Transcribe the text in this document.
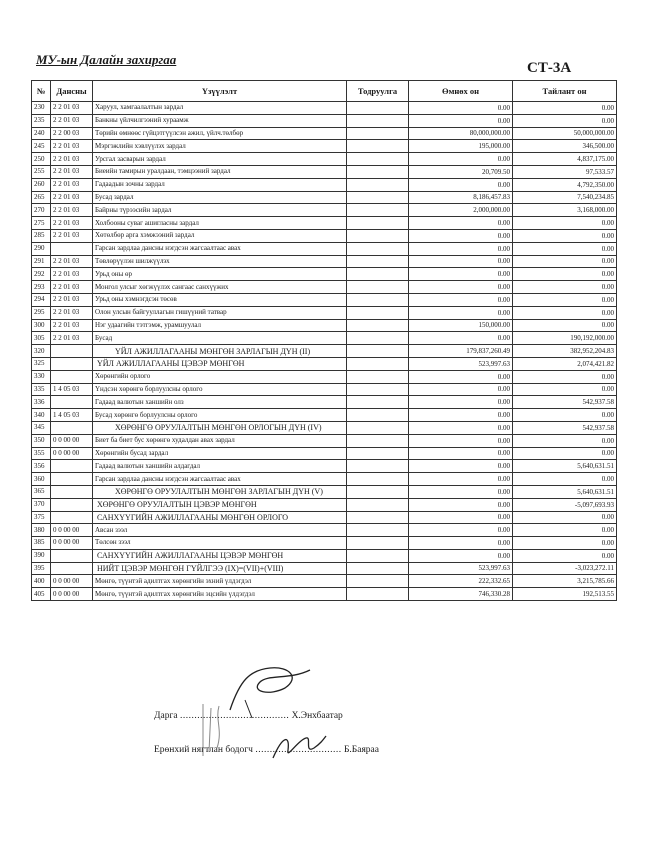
МУ-ын Далайн захиргаа
СТ-3А
№	Дансны	Үзүүлэлт	Тодруулга	Өмнөх он	Тайлант он
230	2 2 01 03	Харуул, хамгаалалтын зардал		0.00	0.00
235	2 2 01 03	Банкны үйлчилгээний хураамж		0.00	0.00
240	2 2 00 03	Төрийн өмнөөс гүйцэтгүүлсэн ажил, үйлч.төлбөр		80,000,000.00	50,000,000.00
245	2 2 01 03	Мэргэжлийн хэвлүүлэх зардал		195,000.00	346,500.00
250	2 2 01 03	Урсгал засварын зардал		0.00	4,837,175.00
255	2 2 01 03	Биеийн тамирын уралдаан, тэмцээний зардал		20,709.50	97,533.57
260	2 2 01 03	Гадаадын зочны зардал		0.00	4,792,350.00
265	2 2 01 03	Бусад зардал		8,186,457.83	7,540,234.85
270	2 2 01 03	Байрны түрээсийн зардал		2,000,000.00	3,168,000.00
275	2 2 01 03	Холбооны суваг ашигласны зардал		0.00	0.00
285	2 2 01 03	Хөтөлбөр арга хэмжээний зардал		0.00	0.00
290		Гарсан зардлаа дансны нэгдсэн жагсаалтаас авах		0.00	0.00
291	2 2 01 03	Төвлөрүүлэн шилжүүлэх		0.00	0.00
292	2 2 01 03	Урьд оны өр		0.00	0.00
293	2 2 01 03	Монгол улсыг хөгжүүлэх сангаас санхүүжих		0.00	0.00
294	2 2 01 03	Урьд оны хэмнэгдсэн төсөв		0.00	0.00
295	2 2 01 03	Олон улсын байгууллагын гишүүний татвар		0.00	0.00
300	2 2 01 03	Нэг удаагийн тэтгэмж, урамшуулал		150,000.00	0.00
305	2 2 01 03	Бусад		0.00	190,192,000.00
320		ҮЙЛ АЖИЛЛАГААНЫ МӨНГӨН ЗАРЛАГЫН ДҮН (II)		179,837,260.49	382,952,204.83
325		ҮЙЛ АЖИЛЛАГААНЫ ЦЭВЭР МӨНГӨН		523,997.63	2,074,421.82
330		Хөрөнгийн орлого		0.00	0.00
335	1 4 05 03	Үндсэн хөрөнгө борлуулсны орлого		0.00	0.00
336		Гадаад валютын ханшийн олз		0.00	542,937.58
340	1 4 05 03	Бусад хөрөнгө борлуулсны орлого		0.00	0.00
345		ХӨРӨНГӨ ОРУУЛАЛТЫН МӨНГӨН ОРЛОГЫН ДҮН (IV)		0.00	542,937.58
350	0 0 00 00	Биет ба биет бус хөрөнгө худалдан авах зардал		0.00	0.00
355	0 0 00 00	Хөрөнгийн бусад зардал		0.00	0.00
356		Гадаад валютын ханшийн алдагдал		0.00	5,640,631.51
360		Гарсан зардлаа дансны нэгдсэн жагсаалтаас авах		0.00	0.00
365		ХӨРӨНГӨ ОРУУЛАЛТЫН МӨНГӨН ЗАРЛАГЫН ДҮН (V)		0.00	5,640,631.51
370		ХӨРӨНГӨ ОРУУЛАЛТЫН ЦЭВЭР МӨНГӨН		0.00	-5,097,693.93
375		САНХҮҮГИЙН АЖИЛЛАГААНЫ МӨНГӨН ОРЛОГО		0.00	0.00
380	0 0 00 00	Авсан зээл		0.00	0.00
385	0 0 00 00	Төлсөн зээл		0.00	0.00
390		САНХҮҮГИЙН АЖИЛЛАГААНЫ ЦЭВЭР МӨНГӨН		0.00	0.00
395		НИЙТ ЦЭВЭР МӨНГӨН ГҮЙЛГЭЭ (IX)=(VII)+(VIII)		523,997.63	-3,023,272.11
400	0 0 00 00	Мөнгө, түүнтэй адилтгах хөрөнгийн эхний үлдэгдэл		222,332.65	3,215,785.66
405	0 0 00 00	Мөнгө, түүнтэй адилтгах хөрөнгийн эцсийн үлдэгдэл		746,330.28	192,513.55
Дарга ...................................... Х.Энхбаатар
Ерөнхий нягтлан бодогч .............................. Б.Баяраа
